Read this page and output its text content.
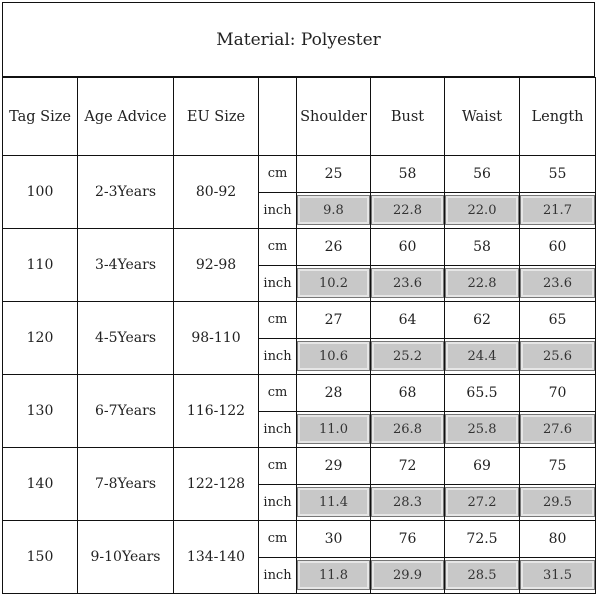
Material: Polyester
Tag Size	Age Advice	EU Size		Shoulder	Bust	Waist	Length
100	2-3Years	80-92	cm	25	58	56	55
			inch	9.8	22.8	22.0	21.7

110	3-4Years	92-98	cm	26	60	58	60
			inch	10.2	23.6	22.8	23.6

120	4-5Years	98-110	cm	27	64	62	65
			inch	10.6	25.2	24.4	25.6

130	6-7Years	116-122	cm	28	68	65.5	70
			inch	11.0	26.8	25.8	27.6

140	7-8Years	122-128	cm	29	72	69	75
			inch	11.4	28.3	27.2	29.5

150	9-10Years	134-140	cm	30	76	72.5	80
			inch	11.8	29.9	28.5	31.5
